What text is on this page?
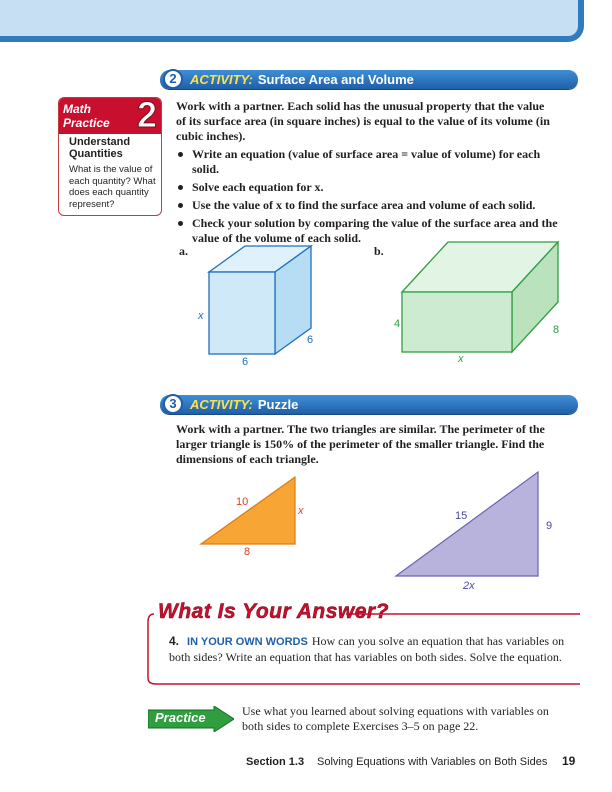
2	ACTIVITY: Surface Area and Volume
Math
Practice 2
Understand Quantities
What is the value of each quantity? What does each quantity represent?
Work with a partner. Each solid has the unusual property that the value of its surface area (in square inches) is equal to the value of its volume (in cubic inches).
Write an equation (value of surface area = value of volume) for each solid.
Solve each equation for x.
Use the value of x to find the surface area and volume of each solid.
Check your solution by comparing the value of the surface area and the value of the volume of each solid.
a.
x
6
6
b.
4	8
x
3	ACTIVITY: Puzzle
Work with a partner. The two triangles are similar. The perimeter of the larger triangle is 150% of the perimeter of the smaller triangle. Find the dimensions of each triangle.
10
x
8
15
9
2x
What Is Your Answer?
4. IN YOUR OWN WORDS How can you solve an equation that has variables on both sides? Write an equation that has variables on both sides. Solve the equation.
Practice	Use what you learned about solving equations with variables on both sides to complete Exercises 3–5 on page 22.
Section 1.3 Solving Equations with Variables on Both Sides 19
